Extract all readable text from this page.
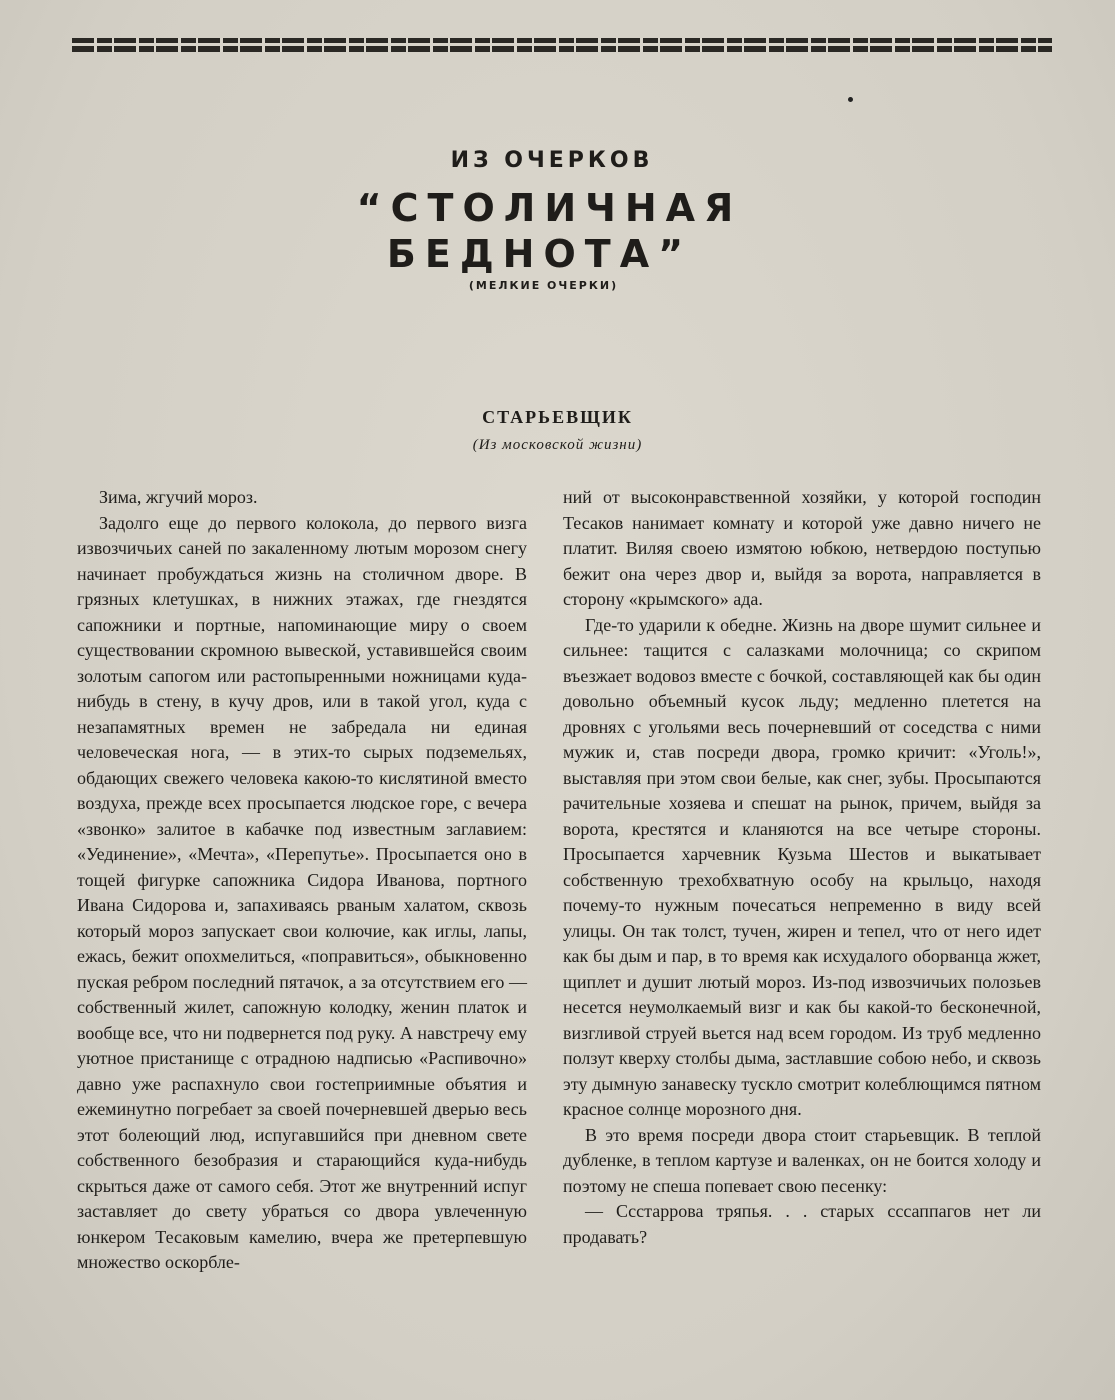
ИЗ ОЧЕРКОВ
“СТОЛИЧНАЯ
БЕДНОТА”
(МЕЛКИЕ ОЧЕРКИ)
СТАРЬЕВЩИК
(Из московской жизни)

Зима, жгучий мороз.

Задолго еще до первого колокола, до первого визга извозчичьих саней по закаленному лютым морозом снегу начинает пробуждаться жизнь на столичном дворе. В грязных клетушках, в нижних этажах, где гнездятся сапожники и портные, напоминающие миру о своем существовании скромною вывеской, уставившейся своим золотым сапогом или растопыренными ножницами куда-нибудь в стену, в кучу дров, или в такой угол, куда с незапамятных времен не забредала ни единая человеческая нога, — в этих-то сырых подземельях, обдающих свежего человека какою-то кислятиной вместо воздуха, прежде всех просыпается людское горе, с вечера «звонко» залитое в кабачке под известным заглавием: «Уединение», «Мечта», «Перепутье». Просыпается оно в тощей фигурке сапожника Сидора Иванова, портного Ивана Сидорова и, запахиваясь рваным халатом, сквозь который мороз запускает свои колючие, как иглы, лапы, ежась, бежит опохмелиться, «поправиться», обыкновенно пуская ребром последний пятачок, а за отсутствием его — собственный жилет, сапожную колодку, женин платок и вообще все, что ни подвернется под руку. А навстречу ему уютное пристанище с отрадною надписью «Распивочно» давно уже распахнуло свои гостеприимные объятия и ежеминутно погребает за своей почерневшей дверью весь этот болеющий люд, испугавшийся при дневном свете собственного безобразия и старающийся куда-нибудь скрыться даже от самого себя. Этот же внутренний испуг заставляет до свету убраться со двора увлеченную юнкером Тесаковым камелию, вчера же претерпевшую множество оскорбле-

ний от высоконравственной хозяйки, у которой господин Тесаков нанимает комнату и которой уже давно ничего не платит. Виляя своею измятою юбкою, нетвердою поступью бежит она через двор и, выйдя за ворота, направляется в сторону «крымского» ада.

Где-то ударили к обедне. Жизнь на дворе шумит сильнее и сильнее: тащится с салазками молочница; со скрипом въезжает водовоз вместе с бочкой, составляющей как бы один довольно объемный кусок льду; медленно плетется на дровнях с угольями весь почерневший от соседства с ними мужик и, став посреди двора, громко кричит: «Уголь!», выставляя при этом свои белые, как снег, зубы. Просыпаются рачительные хозяева и спешат на рынок, причем, выйдя за ворота, крестятся и кланяются на все четыре стороны. Просыпается харчевник Кузьма Шестов и выкатывает собственную трехобхватную особу на крыльцо, находя почему-то нужным почесаться непременно в виду всей улицы. Он так толст, тучен, жирен и тепел, что от него идет как бы дым и пар, в то время как исхудалого оборванца жжет, щиплет и душит лютый мороз. Из-под извозчичьих полозьев несется неумолкаемый визг и как бы какой-то бесконечной, визгливой струей вьется над всем городом. Из труб медленно ползут кверху столбы дыма, застлавшие собою небо, и сквозь эту дымную занавеску тускло смотрит колеблющимся пятном красное солнце морозного дня.

В это время посреди двора стоит старьевщик. В теплой дубленке, в теплом картузе и валенках, он не боится холоду и поэтому не спеша попевает свою песенку:

— Ссстаррова тряпья. . . старых сссаппагов нет ли продавать?
